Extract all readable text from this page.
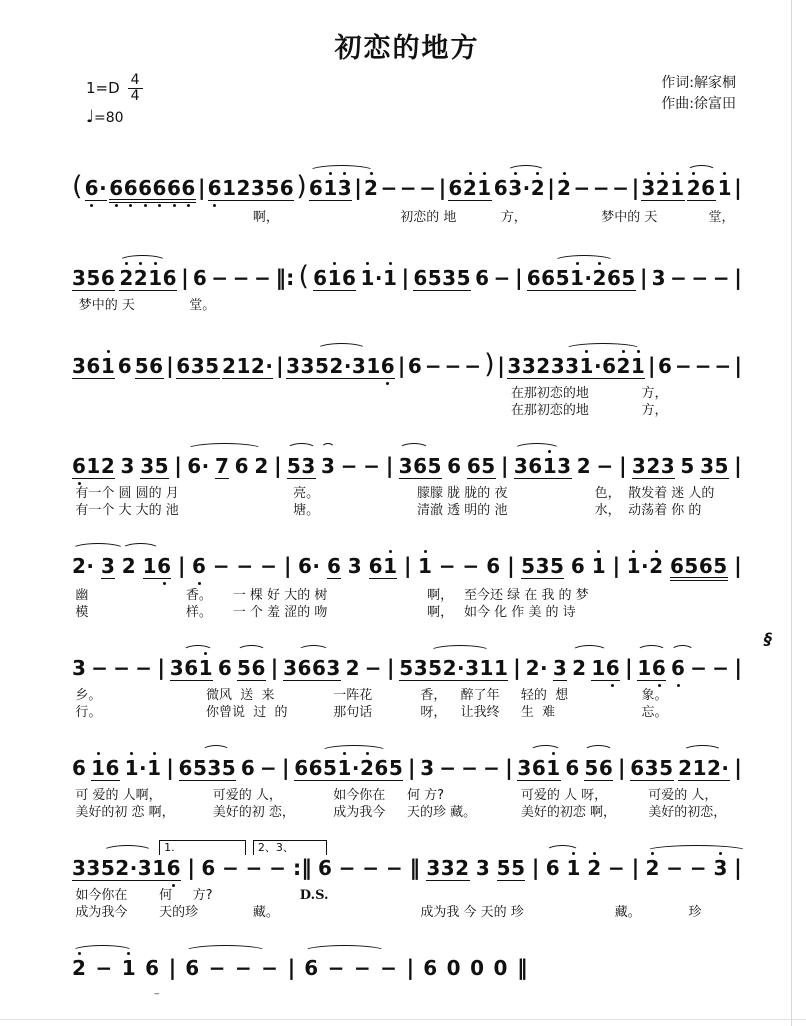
初恋的地方
$1=D \frac{4}{4}$
♩=80
作词:解家桐
作曲:徐富田
( 6· 666666 | 612356 ) 613 | 2 − − − | 621 63·2 | 2 − − − | 321 26 1 |
啊，	初恋的 地	方，	梦中的 天	堂，
356 2216 | 6 − − − ‖: ( 616 1·1 | 6535 6 − | 6651·265 | 3 − − − |
梦中的 天	堂。
361 6 56 | 635 212· | 3352·316 | 6 − − − ) | 332331·621 | 6 − − − |
在那初恋的地	方，
在那初恋的地	方，
612 3 35 | 6· 7 6 2 | 53 3 − − | 365 6 65 | 3613 2 − | 323 5 35 |
有一个 圆 圆的 月	亮。	朦朦 胧 胧的 夜	色， 散发着 迷 人的
有一个 大 大的 池	塘。	清澈 透 明的 池	水， 动荡着 你 的
2· 3 2 16 | 6 − − − | 6· 6 3 61 | 1 − − 6 | 535 6 1 | 1·2 6565 |
幽	香。 一 棵 好 大的 树	啊， 至今还 绿 在 我 的 梦
模	样。 一 个 羞 涩的 吻	啊， 如今 化 作 美 的 诗
3 − − − | 361 6 56 | 3663 2 − | 5352·311 | 2· 3 2 16 | 16 6 − − |
§
乡。	微风  送  来	一阵花	香， 醉了年 轻的  想	象。
行。	你曾说  过  的	那句话	呀， 让我终 生  难	忘。
6 16 1·1 | 6535 6 − | 6651·265 | 3 − − − | 361 6 56 | 635 212· |
可 爱的 人啊，	可爱的 人，	如今你在 何 方?	可爱的 人 呀，	可爱的 人，
美好的初 恋 啊，	美好的初 恋，	成为我今 天的珍 藏。	美好的初恋 啊， 美好的初恋，
1.	2、3、
3352·316 | 6 − − − :‖ 6 − − − ‖ 332 3 55 | 6 1 2 − | 2 − − 3 |
如今你在 何 方?	D.S.
成为我今 天的珍	藏。	成为我 今 天的 珍	藏。	珍
2 − 1 6 | 6 − − − | 6 − − − | 6 0 0 0 ‖
--
